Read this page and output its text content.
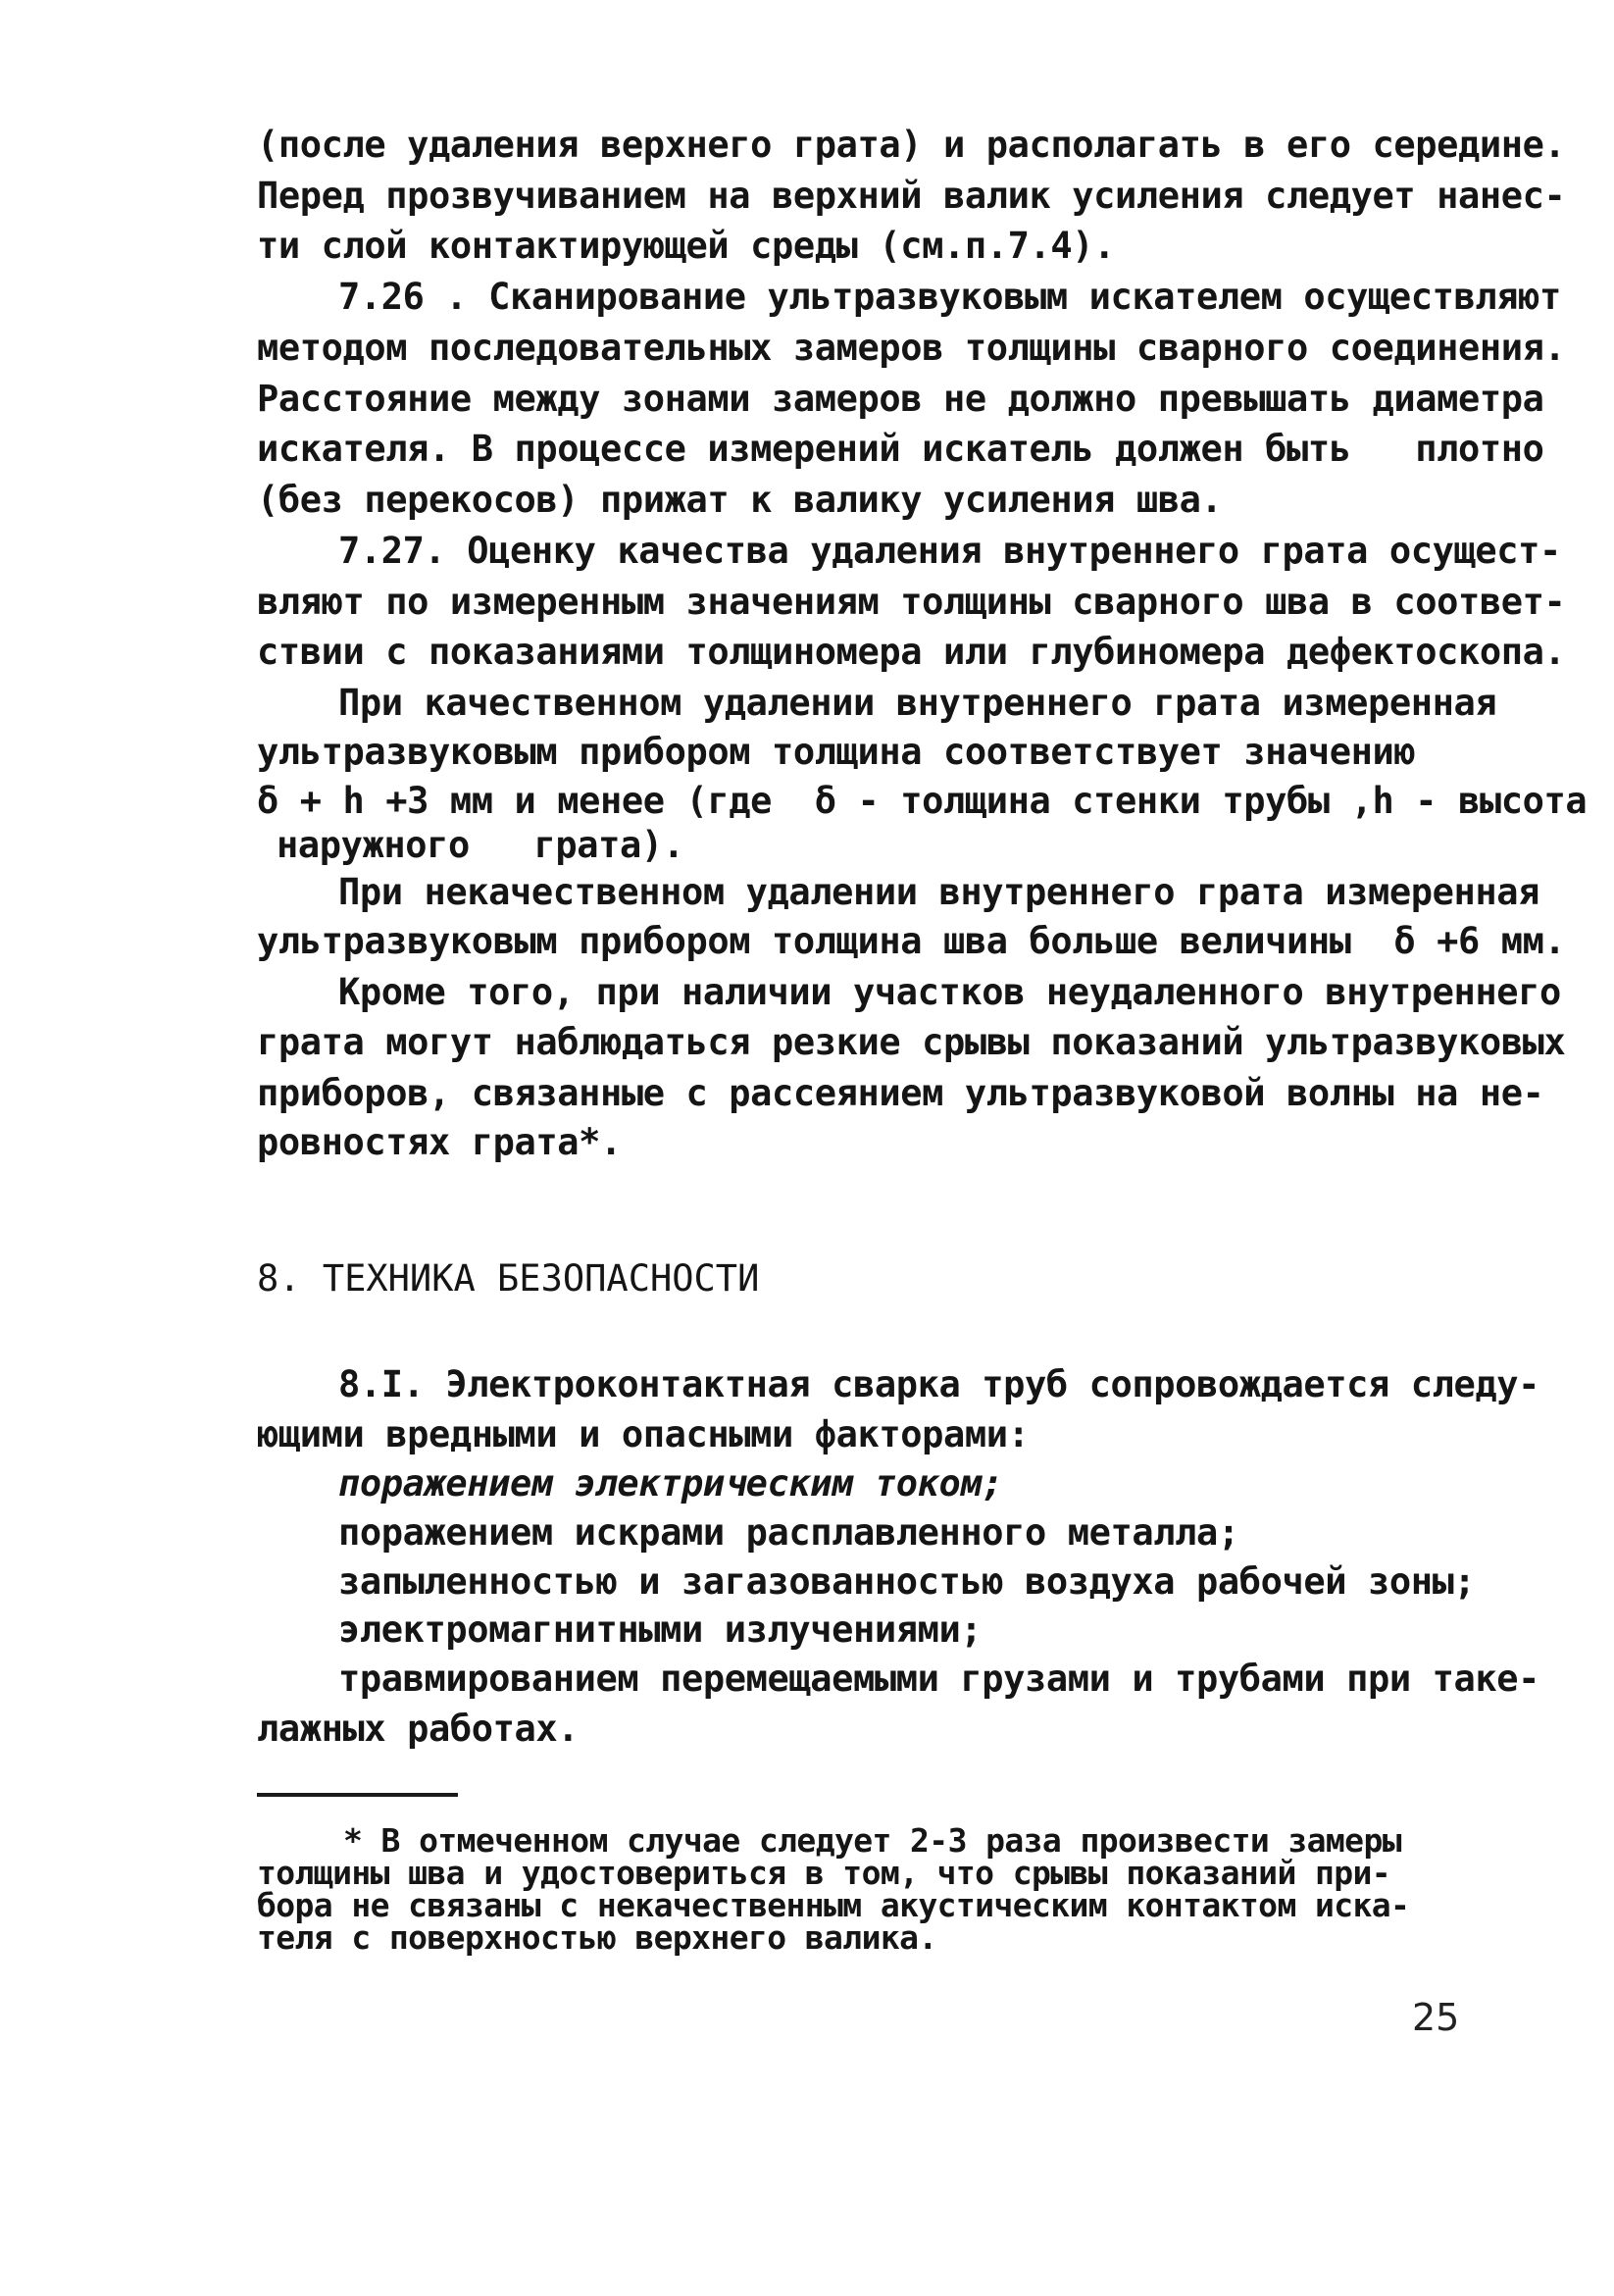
(после удаления верхнего грата) и располагать в его середине.
Перед прозвучиванием на верхний валик усиления следует нанес-
ти слой контактирующей среды (см.п.7.4).
7.26 . Сканирование ультразвуковым искателем осуществляют
методом последовательных замеров толщины сварного соединения.
Расстояние между зонами замеров не должно превышать диаметра
искателя. В процессе измерений искатель должен быть   плотно
(без перекосов) прижат к валику усиления шва.
7.27. Оценку качества удаления внутреннего грата осущест-
вляют по измеренным значениям толщины сварного шва в соответ-
ствии с показаниями толщиномера или глубиномера дефектоскопа.
При качественном удалении внутреннего грата измеренная
ультразвуковым прибором толщина соответствует значению
δ + h +3 мм и менее (где  δ - толщина стенки трубы ,h - высота
наружного   грата).
При некачественном удалении внутреннего грата измеренная
ультразвуковым прибором толщина шва больше величины  δ +6 мм.
Кроме того, при наличии участков неудаленного внутреннего
грата могут наблюдаться резкие срывы показаний ультразвуковых
приборов, связанные с рассеянием ультразвуковой волны на не-
ровностях грата*.
8. ТЕХНИКА БЕЗОПАСНОСТИ
8.I. Электроконтактная сварка труб сопровождается следу-
ющими вредными и опасными факторами:
поражением электрическим током;
поражением искрами расплавленного металла;
запыленностью и загазованностью воздуха рабочей зоны;
электромагнитными излучениями;
травмированием перемещаемыми грузами и трубами при таке-
лажных работах.
* В отмеченном случае следует 2-3 раза произвести замеры
толщины шва и удостовериться в том, что срывы показаний при-
бора не связаны с некачественным акустическим контактом иска-
теля с поверхностью верхнего валика.
25
